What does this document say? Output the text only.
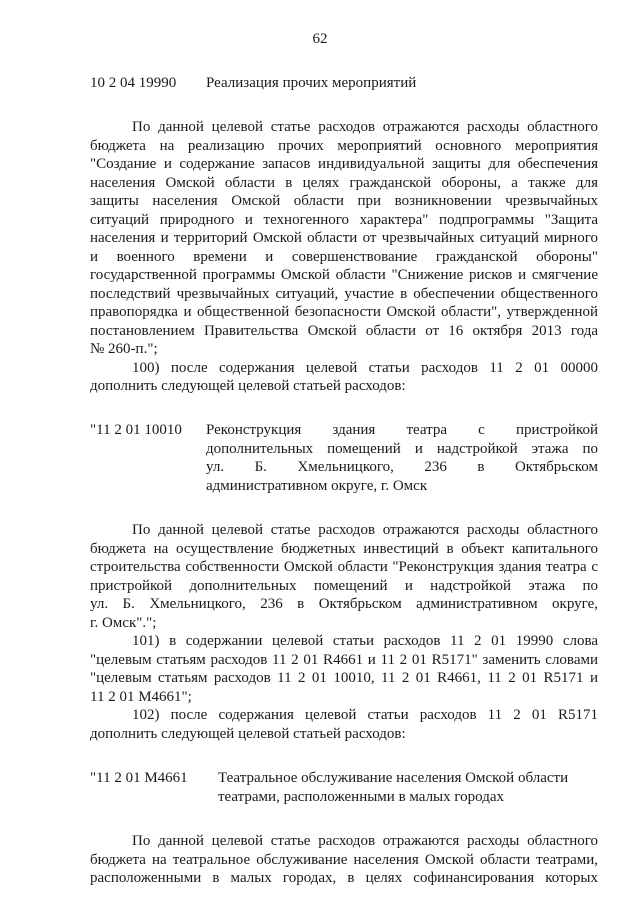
62
10 2 04 19990 Реализация прочих мероприятий
По данной целевой статье расходов отражаются расходы областного
бюджета на реализацию прочих мероприятий основного мероприятия
"Создание и содержание запасов индивидуальной защиты для обеспечения
населения Омской области в целях гражданской обороны, а также для
защиты населения Омской области при возникновении чрезвычайных
ситуаций природного и техногенного характера" подпрограммы "Защита
населения и территорий Омской области от чрезвычайных ситуаций мирного
и военного времени и совершенствование гражданской обороны"
государственной программы Омской области "Снижение рисков и смягчение
последствий чрезвычайных ситуаций, участие в обеспечении общественного
правопорядка и общественной безопасности Омской области", утвержденной
постановлением Правительства Омской области от 16 октября 2013 года
№ 260-п.";
100) после содержания целевой статьи расходов 11 2 01 00000
дополнить следующей целевой статьей расходов:
"11 2 01 10010 Реконструкция здания театра с пристройкой
дополнительных помещений и надстройкой этажа по
ул. Б. Хмельницкого, 236 в Октябрьском
административном округе, г. Омск
По данной целевой статье расходов отражаются расходы областного
бюджета на осуществление бюджетных инвестиций в объект капитального
строительства собственности Омской области "Реконструкция здания театра с
пристройкой дополнительных помещений и надстройкой этажа по
ул. Б. Хмельницкого, 236 в Октябрьском административном округе,
г. Омск".";
101) в содержании целевой статьи расходов 11 2 01 19990 слова
"целевым статьям расходов 11 2 01 R4661 и 11 2 01 R5171" заменить словами
"целевым статьям расходов 11 2 01 10010, 11 2 01 R4661, 11 2 01 R5171 и
11 2 01 M4661";
102) после содержания целевой статьи расходов 11 2 01 R5171
дополнить следующей целевой статьей расходов:
"11 2 01 M4661 Театральное обслуживание населения Омской области
театрами, расположенными в малых городах
По данной целевой статье расходов отражаются расходы областного
бюджета на театральное обслуживание населения Омской области театрами,
расположенными в малых городах, в целях софинансирования которых
